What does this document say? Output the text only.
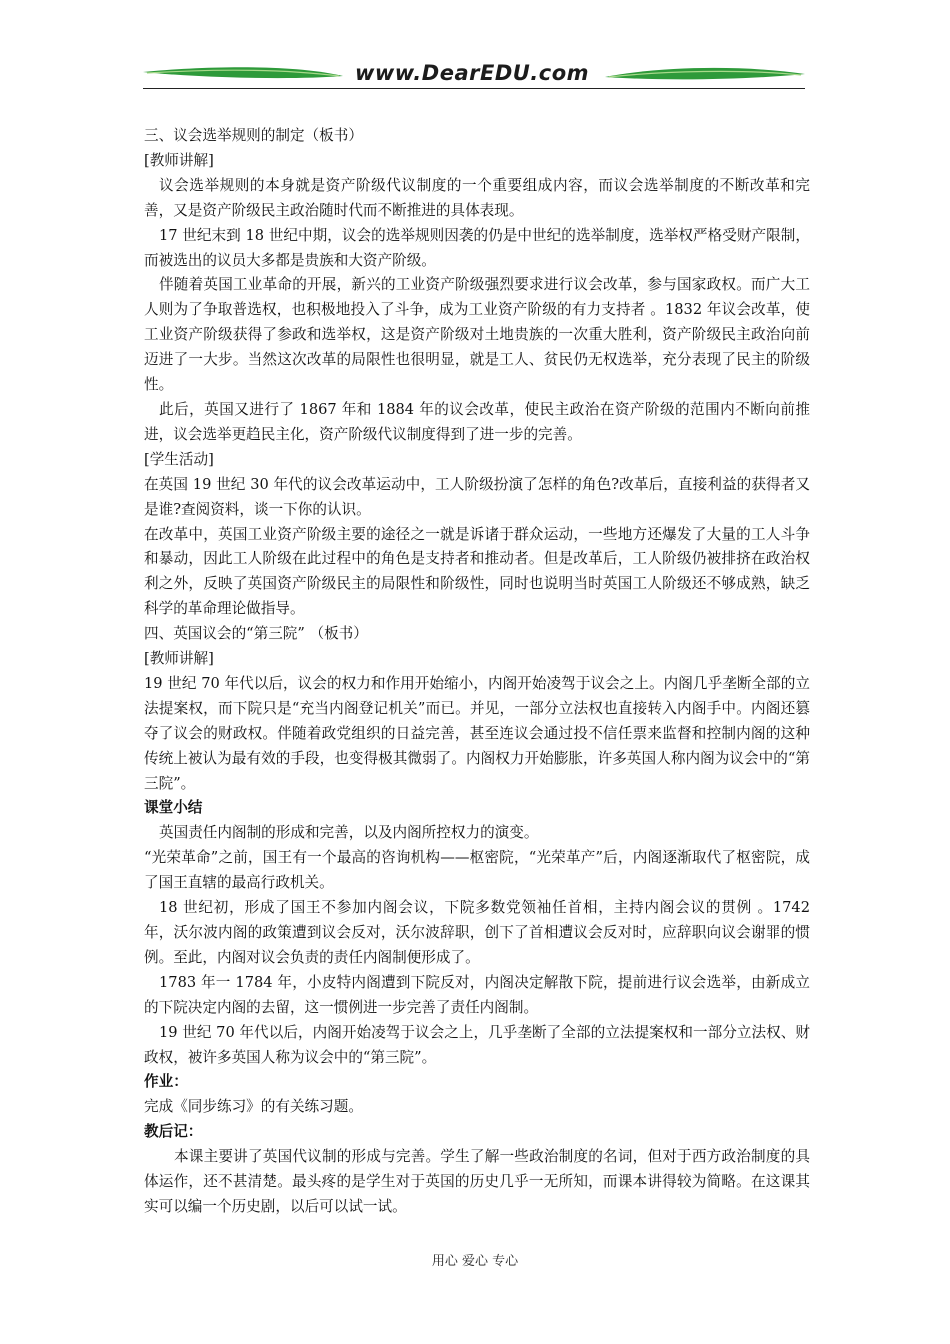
www.DearEDU.com

三、议会选举规则的制定（板书）

[教师讲解]

议会选举规则的本身就是资产阶级代议制度的一个重要组成内容，而议会选举制度的不断改革和完善，又是资产阶级民主政治随时代而不断推进的具体表现。

17 世纪末到 18 世纪中期，议会的选举规则因袭的仍是中世纪的选举制度，选举权严格受财产限制，而被选出的议员大多都是贵族和大资产阶级。

伴随着英国工业革命的开展，新兴的工业资产阶级强烈要求进行议会改革，参与国家政权。而广大工人则为了争取普选权，也积极地投入了斗争，成为工业资产阶级的有力支持者 。1832 年议会改革，使工业资产阶级获得了参政和选举权，这是资产阶级对土地贵族的一次重大胜利，资产阶级民主政治向前迈进了一大步。当然这次改革的局限性也很明显，就是工人、贫民仍无权选举，充分表现了民主的阶级性。

此后，英国又进行了 1867 年和 1884 年的议会改革，使民主政治在资产阶级的范围内不断向前推进，议会选举更趋民主化，资产阶级代议制度得到了进一步的完善。

[学生活动]

在英国 19 世纪 30 年代的议会改革运动中，工人阶级扮演了怎样的角色?改革后，直接利益的获得者又是谁?查阅资料，谈一下你的认识。

在改革中，英国工业资产阶级主要的途径之一就是诉诸于群众运动，一些地方还爆发了大量的工人斗争和暴动，因此工人阶级在此过程中的角色是支持者和推动者。但是改革后，工人阶级仍被排挤在政治权利之外，反映了英国资产阶级民主的局限性和阶级性，同时也说明当时英国工人阶级还不够成熟，缺乏科学的革命理论做指导。

四、英国议会的“第三院” （板书）

[教师讲解]

19 世纪 70 年代以后，议会的权力和作用开始缩小，内阁开始凌驾于议会之上。内阁几乎垄断全部的立法提案权，而下院只是“充当内阁登记机关”而已。并见，一部分立法权也直接转入内阁手中。内阁还篡夺了议会的财政权。伴随着政党组织的日益完善，甚至连议会通过投不信任票来监督和控制内阁的这种传统上被认为最有效的手段，也变得极其微弱了。内阁权力开始膨胀，许多英国人称内阁为议会中的“第三院”。

课堂小结

英国责任内阁制的形成和完善，以及内阁所控权力的演变。

“光荣革命”之前，国王有一个最高的咨询机构——枢密院，“光荣革产”后，内阁逐渐取代了枢密院，成了国王直辖的最高行政机关。

18 世纪初，形成了国王不参加内阁会议，下院多数党领袖任首相，主持内阁会议的贯例 。1742 年，沃尔波内阁的政策遭到议会反对，沃尔波辞职，创下了首相遭议会反对时，应辞职向议会谢罪的惯例。至此，内阁对议会负责的责任内阁制便形成了。

1783 年一 1784 年，小皮特内阁遭到下院反对，内阁决定解散下院，提前进行议会选举，由新成立的下院决定内阁的去留，这一惯例进一步完善了责任内阁制。

19 世纪 70 年代以后，内阁开始凌驾于议会之上，几乎垄断了全部的立法提案权和一部分立法权、财政权，被许多英国人称为议会中的“第三院”。

作业：

完成《同步练习》的有关练习题。

教后记：

本课主要讲了英国代议制的形成与完善。学生了解一些政治制度的名词，但对于西方政治制度的具体运作，还不甚清楚。最头疼的是学生对于英国的历史几乎一无所知，而课本讲得较为简略。在这课其实可以编一个历史剧，以后可以试一试。

用心 爱心 专心
